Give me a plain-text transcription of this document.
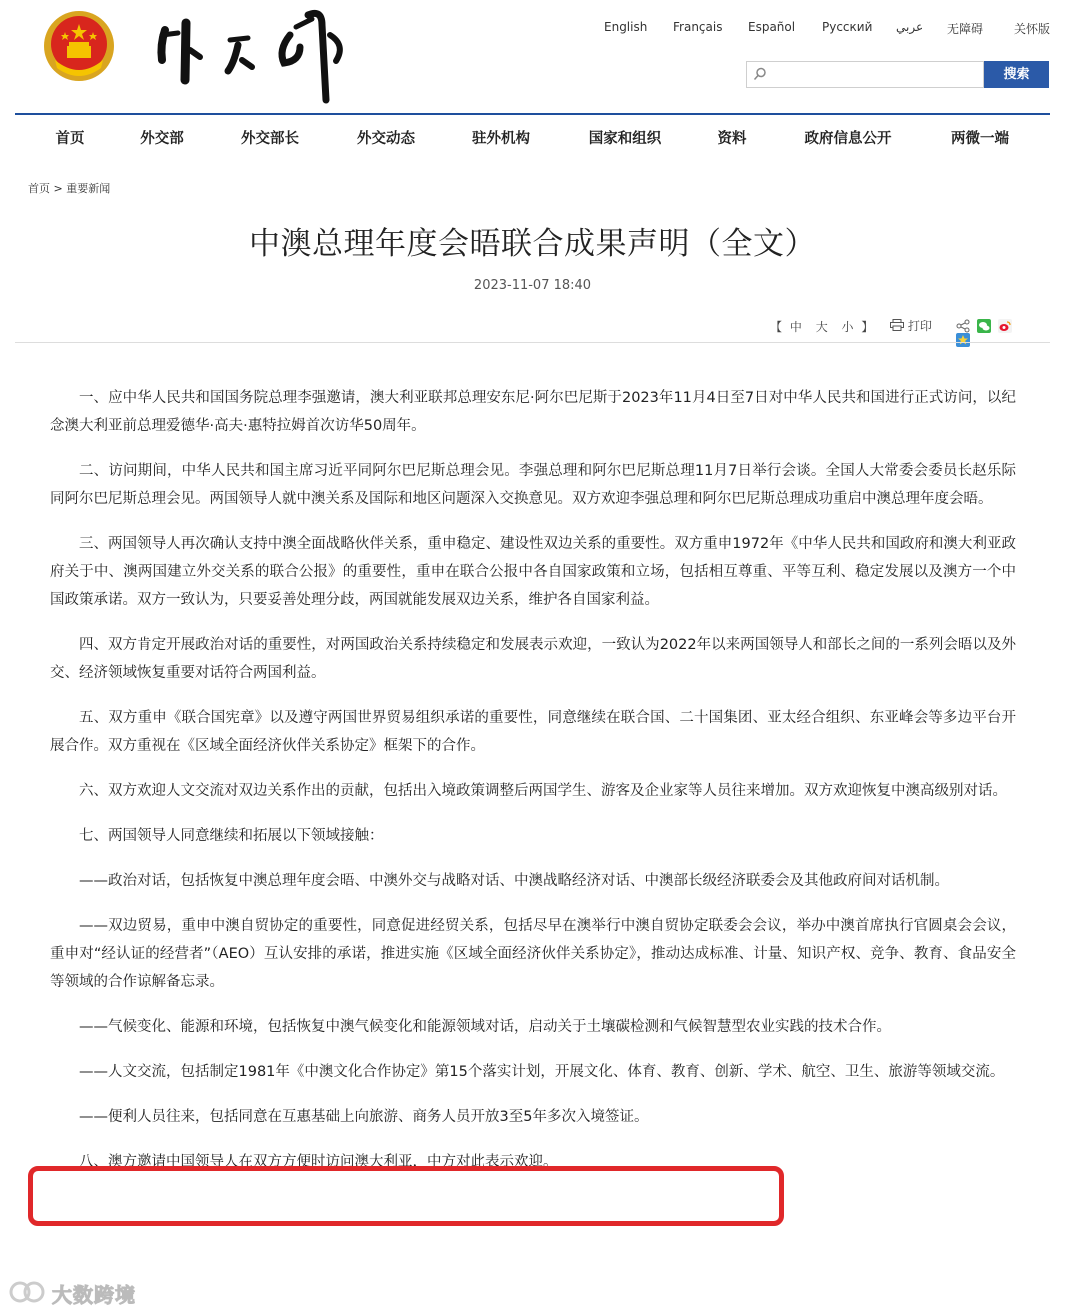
English Français Español Русский عربي 无障碍	关怀版
搜索
首页	外交部	外交部长	外交动态	驻外机构	国家和组织	资料	政府信息公开	两微一端
首页 > 重要新闻
中澳总理年度会晤联合成果声明（全文）
2023-11-07 18:40
【 中 大 小 】	打印

一、应中华人民共和国国务院总理李强邀请，澳大利亚联邦总理安东尼·阿尔巴尼斯于2023年11月4日至7日对中华人民共和国进行正式访问，以纪念澳大利亚前总理爱德华·高夫·惠特拉姆首次访华50周年。

二、访问期间，中华人民共和国主席习近平同阿尔巴尼斯总理会见。李强总理和阿尔巴尼斯总理11月7日举行会谈。全国人大常委会委员长赵乐际同阿尔巴尼斯总理会见。两国领导人就中澳关系及国际和地区问题深入交换意见。双方欢迎李强总理和阿尔巴尼斯总理成功重启中澳总理年度会晤。

三、两国领导人再次确认支持中澳全面战略伙伴关系，重申稳定、建设性双边关系的重要性。双方重申1972年《中华人民共和国政府和澳大利亚政府关于中、澳两国建立外交关系的联合公报》的重要性，重申在联合公报中各自国家政策和立场，包括相互尊重、平等互利、稳定发展以及澳方一个中国政策承诺。双方一致认为，只要妥善处理分歧，两国就能发展双边关系，维护各自国家利益。

四、双方肯定开展政治对话的重要性，对两国政治关系持续稳定和发展表示欢迎，一致认为2022年以来两国领导人和部长之间的一系列会晤以及外交、经济领域恢复重要对话符合两国利益。

五、双方重申《联合国宪章》以及遵守两国世界贸易组织承诺的重要性，同意继续在联合国、二十国集团、亚太经合组织、东亚峰会等多边平台开展合作。双方重视在《区域全面经济伙伴关系协定》框架下的合作。

六、双方欢迎人文交流对双边关系作出的贡献，包括出入境政策调整后两国学生、游客及企业家等人员往来增加。双方欢迎恢复中澳高级别对话。

七、两国领导人同意继续和拓展以下领域接触：

——政治对话，包括恢复中澳总理年度会晤、中澳外交与战略对话、中澳战略经济对话、中澳部长级经济联委会及其他政府间对话机制。

——双边贸易，重申中澳自贸协定的重要性，同意促进经贸关系，包括尽早在澳举行中澳自贸协定联委会会议，举办中澳首席执行官圆桌会会议，重申对“经认证的经营者”（AEO）互认安排的承诺，推进实施《区域全面经济伙伴关系协定》，推动达成标准、计量、知识产权、竞争、教育、食品安全等领域的合作谅解备忘录。

——气候变化、能源和环境，包括恢复中澳气候变化和能源领域对话，启动关于土壤碳检测和气候智慧型农业实践的技术合作。

——人文交流，包括制定1981年《中澳文化合作协定》第15个落实计划，开展文化、体育、教育、创新、学术、航空、卫生、旅游等领域交流。

——便利人员往来，包括同意在互惠基础上向旅游、商务人员开放3至5年多次入境签证。

八、澳方邀请中国领导人在双方方便时访问澳大利亚，中方对此表示欢迎。

大数跨境
